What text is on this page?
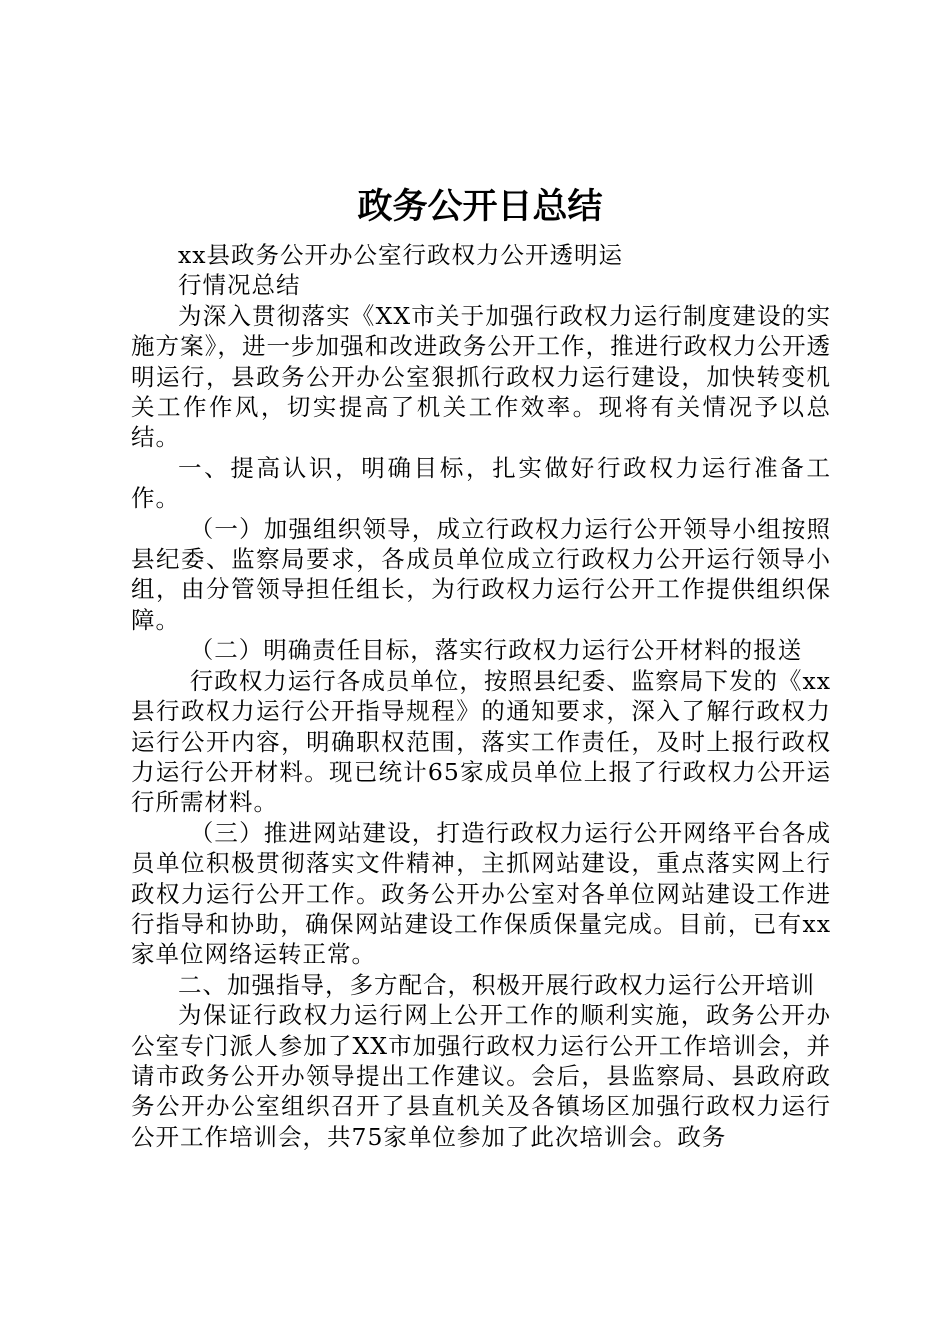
政务公开日总结

xx县政务公开办公室行政权力公开透明运

行情况总结

为深入贯彻落实《XX市关于加强行政权力运行制度建设的实施方案》，进一步加强和改进政务公开工作，推进行政权力公开透明运行，县政务公开办公室狠抓行政权力运行建设，加快转变机关工作作风，切实提高了机关工作效率。现将有关情况予以总结。

一、提高认识，明确目标，扎实做好行政权力运行准备工作。

（一）加强组织领导，成立行政权力运行公开领导小组按照县纪委、监察局要求，各成员单位成立行政权力公开运行领导小组，由分管领导担任组长，为行政权力运行公开工作提供组织保障。

（二）明确责任目标，落实行政权力运行公开材料的报送

行政权力运行各成员单位，按照县纪委、监察局下发的《xx县行政权力运行公开指导规程》的通知要求，深入了解行政权力运行公开内容，明确职权范围，落实工作责任，及时上报行政权力运行公开材料。现已统计65家成员单位上报了行政权力公开运行所需材料。

（三）推进网站建设，打造行政权力运行公开网络平台各成员单位积极贯彻落实文件精神，主抓网站建设，重点落实网上行政权力运行公开工作。政务公开办公室对各单位网站建设工作进行指导和协助，确保网站建设工作保质保量完成。目前，已有xx家单位网络运转正常。

二、加强指导，多方配合，积极开展行政权力运行公开培训

为保证行政权力运行网上公开工作的顺利实施，政务公开办公室专门派人参加了XX市加强行政权力运行公开工作培训会，并请市政务公开办领导提出工作建议。会后，县监察局、县政府政务公开办公室组织召开了县直机关及各镇场区加强行政权力运行公开工作培训会，共75家单位参加了此次培训会。政务
